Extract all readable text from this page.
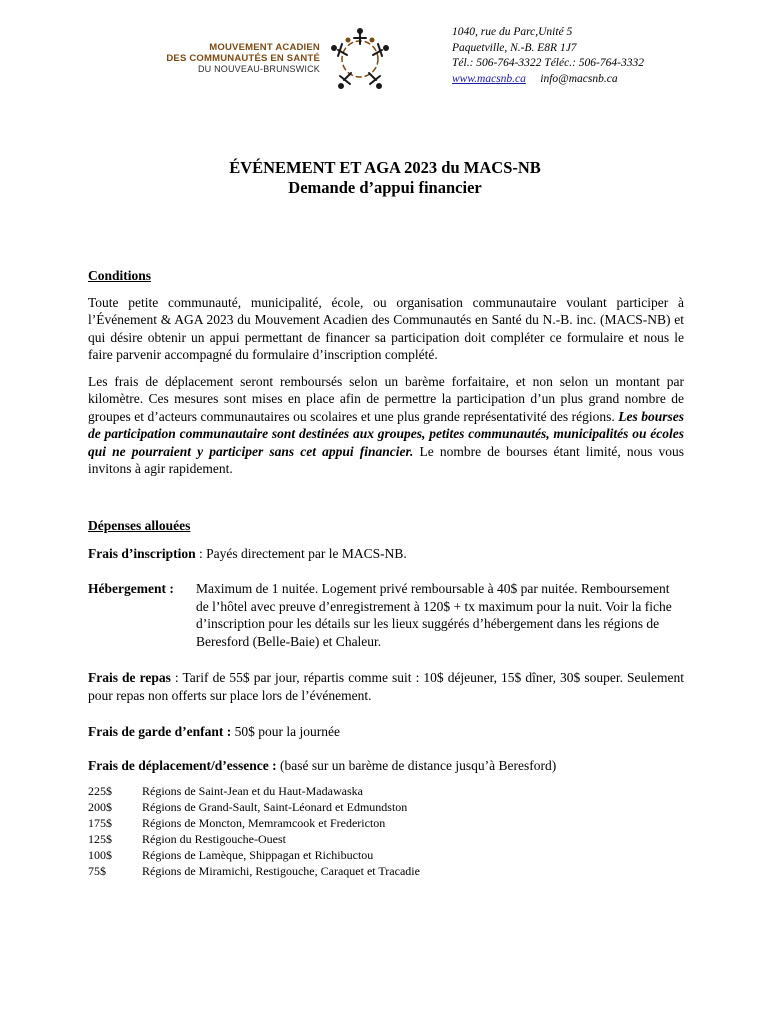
MOUVEMENT ACADIEN
DES COMMUNAUTÉS EN SANTÉ
DU NOUVEAU-BRUNSWICK
1040, rue du Parc,Unité 5
Paquetville, N.-B. E8R 1J7
Tél.: 506-764-3322 Téléc.: 506-764-3332
www.macsnb.ca info@macsnb.ca
ÉVÉNEMENT ET AGA 2023 du MACS-NB
Demande d’appui financier
Conditions
Toute petite communauté, municipalité, école, ou organisation communautaire voulant participer à l’Événement & AGA 2023 du Mouvement Acadien des Communautés en Santé du N.-B. inc. (MACS-NB) et qui désire obtenir un appui permettant de financer sa participation doit compléter ce formulaire et nous le faire parvenir accompagné du formulaire d’inscription complété.
Les frais de déplacement seront remboursés selon un barème forfaitaire, et non selon un montant par kilomètre. Ces mesures sont mises en place afin de permettre la participation d’un plus grand nombre de groupes et d’acteurs communautaires ou scolaires et une plus grande représentativité des régions. Les bourses de participation communautaire sont destinées aux groupes, petites communautés, municipalités ou écoles qui ne pourraient y participer sans cet appui financier. Le nombre de bourses étant limité, nous vous invitons à agir rapidement.
Dépenses allouées
Frais d’inscription : Payés directement par le MACS-NB.
Hébergement :	Maximum de 1 nuitée. Logement privé remboursable à 40$ par nuitée. Remboursement de l’hôtel avec preuve d’enregistrement à 120$ + tx maximum pour la nuit. Voir la fiche d’inscription pour les détails sur les lieux suggérés d’hébergement dans les régions de Beresford (Belle-Baie) et Chaleur.
Frais de repas : Tarif de 55$ par jour, répartis comme suit : 10$ déjeuner, 15$ dîner, 30$ souper. Seulement pour repas non offerts sur place lors de l’événement.
Frais de garde d’enfant : 50$ pour la journée
Frais de déplacement/d’essence : (basé sur un barème de distance jusqu’à Beresford)
225$	Régions de Saint-Jean et du Haut-Madawaska
200$	Régions de Grand-Sault, Saint-Léonard et Edmundston
175$	Régions de Moncton, Memramcook et Fredericton
125$	Région du Restigouche-Ouest
100$	Régions de Lamèque, Shippagan et Richibuctou
75$	Régions de Miramichi, Restigouche, Caraquet et Tracadie
